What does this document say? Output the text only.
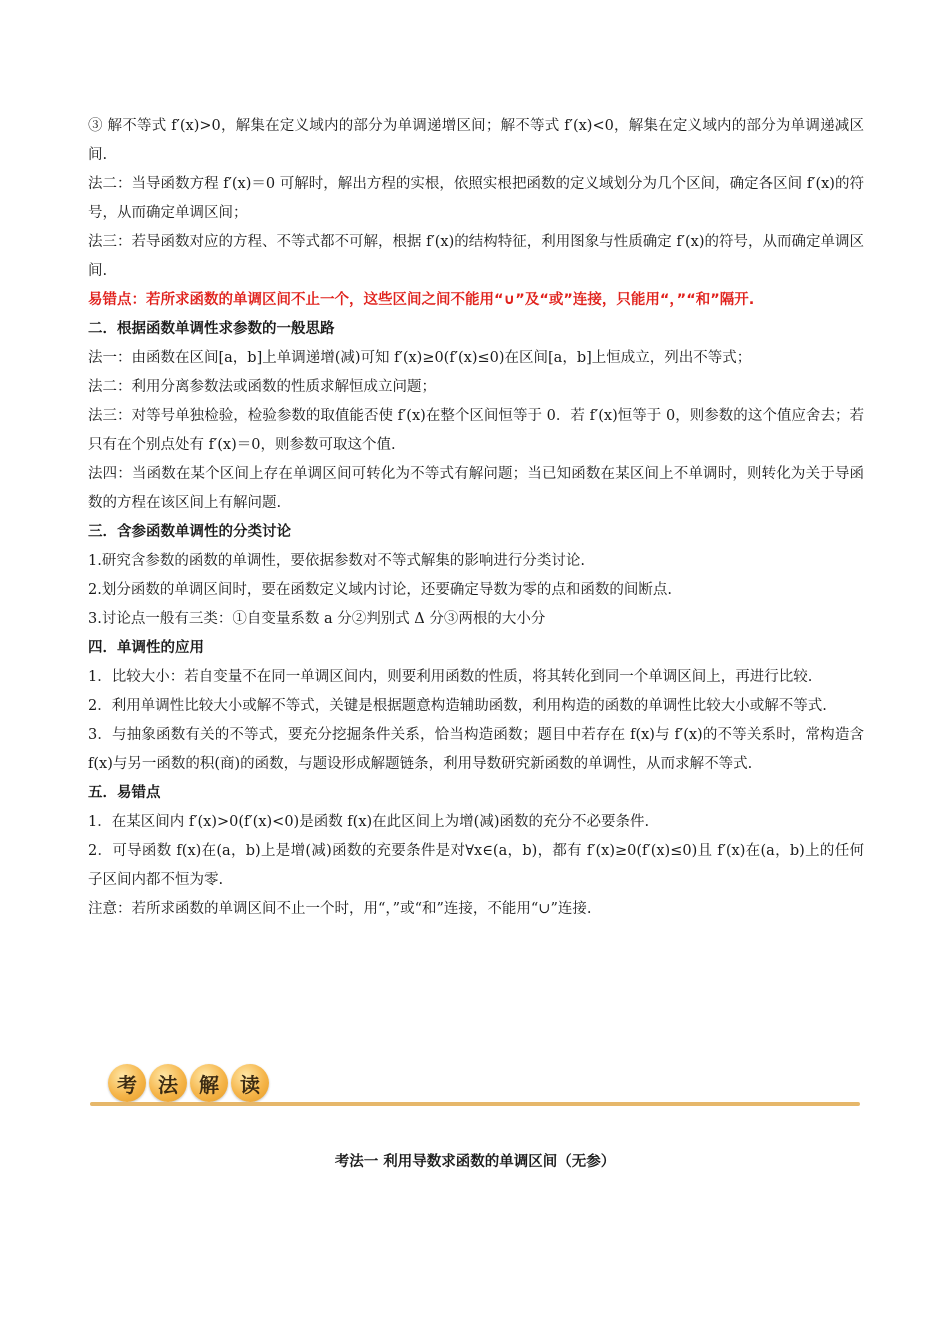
③ 解不等式 f′(x)>0，解集在定义域内的部分为单调递增区间；解不等式 f′(x)<0，解集在定义域内的部分为单调递减区间.

法二：当导函数方程 f′(x)＝0 可解时，解出方程的实根，依照实根把函数的定义域划分为几个区间，确定各区间 f′(x)的符号，从而确定单调区间；

法三：若导函数对应的方程、不等式都不可解，根据 f′(x)的结构特征，利用图象与性质确定 f′(x)的符号，从而确定单调区间.

易错点：若所求函数的单调区间不止一个，这些区间之间不能用“∪”及“或”连接，只能用“，”“和”隔开.

二．根据函数单调性求参数的一般思路

法一：由函数在区间[a，b]上单调递增(减)可知 f′(x)≥0(f′(x)≤0)在区间[a，b]上恒成立，列出不等式；

法二：利用分离参数法或函数的性质求解恒成立问题；

法三：对等号单独检验，检验参数的取值能否使 f′(x)在整个区间恒等于 0．若 f′(x)恒等于 0，则参数的这个值应舍去；若只有在个别点处有 f′(x)＝0，则参数可取这个值.

法四：当函数在某个区间上存在单调区间可转化为不等式有解问题；当已知函数在某区间上不单调时，则转化为关于导函数的方程在该区间上有解问题.

三．含参函数单调性的分类讨论

1.研究含参数的函数的单调性，要依据参数对不等式解集的影响进行分类讨论.

2.划分函数的单调区间时，要在函数定义域内讨论，还要确定导数为零的点和函数的间断点.

3.讨论点一般有三类：①自变量系数 a 分②判别式 Δ 分③两根的大小分

四．单调性的应用

1．比较大小：若自变量不在同一单调区间内，则要利用函数的性质，将其转化到同一个单调区间上，再进行比较.

2．利用单调性比较大小或解不等式，关键是根据题意构造辅助函数，利用构造的函数的单调性比较大小或解不等式.

3．与抽象函数有关的不等式，要充分挖掘条件关系，恰当构造函数；题目中若存在 f(x)与 f′(x)的不等关系时，常构造含 f(x)与另一函数的积(商)的函数，与题设形成解题链条，利用导数研究新函数的单调性，从而求解不等式.

五．易错点

1．在某区间内 f′(x)>0(f′(x)<0)是函数 f(x)在此区间上为增(减)函数的充分不必要条件.

2．可导函数 f(x)在(a，b)上是增(减)函数的充要条件是对∀x∈(a，b)，都有 f′(x)≥0(f′(x)≤0)且 f′(x)在(a，b)上的任何子区间内都不恒为零.

注意：若所求函数的单调区间不止一个时，用“，”或“和”连接，不能用“∪”连接.

考	法	解	读
考法一 利用导数求函数的单调区间（无参）
